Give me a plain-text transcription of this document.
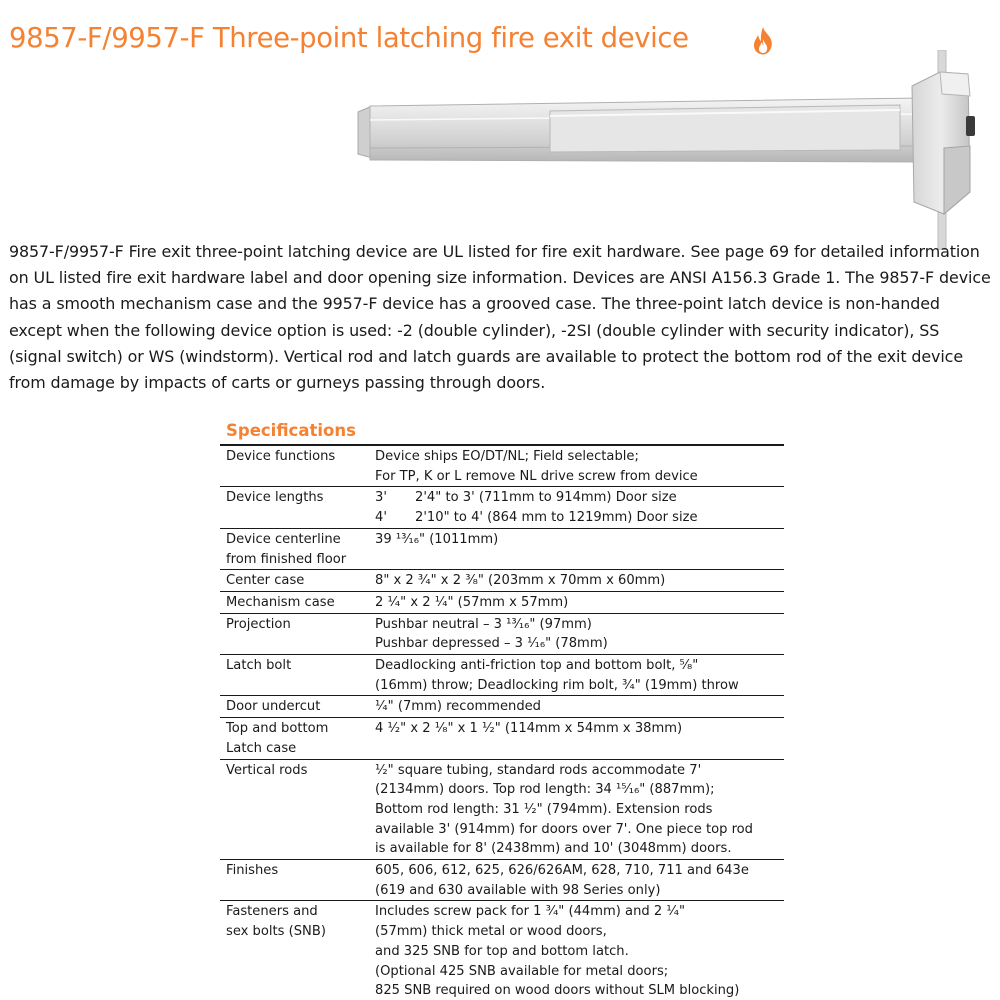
9857-F/9957-F Three-point latching fire exit device

9857-F/9957-F Fire exit three-point latching device are UL listed for fire exit hardware. See page 69 for detailed information on UL listed fire exit hardware label and door opening size information. Devices are ANSI A156.3 Grade 1. The 9857-F device has a smooth mechanism case and the 9957-F device has a grooved case. The three-point latch device is non-handed except when the following device option is used: -2 (double cylinder), -2SI (double cylinder with security indicator), SS (signal switch) or WS (windstorm). Vertical rod and latch guards are available to protect the bottom rod of the exit device from damage by impacts of carts or gurneys passing through doors.

Specifications
Device functions	Device ships EO/DT/NL; Field selectable;
For TP, K or L remove NL drive screw from device

Device lengths	3' 2'4" to 3' (711mm to 914mm) Door size
4' 2'10" to 4' (864 mm to 1219mm) Door size

Device centerline
from finished floor	39 ¹³⁄₁₆" (1011mm)

Center case	8" x 2 ³⁄₄" x 2 ³⁄₈" (203mm x 70mm x 60mm)

Mechanism case	2 ¹⁄₄" x 2 ¹⁄₄" (57mm x 57mm)

Projection	Pushbar neutral – 3 ¹³⁄₁₆" (97mm)
Pushbar depressed – 3 ¹⁄₁₆" (78mm)

Latch bolt	Deadlocking anti-friction top and bottom bolt, ⁵⁄₈"
(16mm) throw; Deadlocking rim bolt, ³⁄₄" (19mm) throw

Door undercut	¹⁄₄" (7mm) recommended

Top and bottom
Latch case	4 ¹⁄₂" x 2 ¹⁄₈" x 1 ¹⁄₂" (114mm x 54mm x 38mm)

Vertical rods	¹⁄₂" square tubing, standard rods accommodate 7'
(2134mm) doors. Top rod length: 34 ¹⁵⁄₁₆" (887mm);
Bottom rod length: 31 ¹⁄₂" (794mm). Extension rods
available 3' (914mm) for doors over 7'. One piece top rod
is available for 8' (2438mm) and 10' (3048mm) doors.

Finishes	605, 606, 612, 625, 626/626AM, 628, 710, 711 and 643e
(619 and 630 available with 98 Series only)

Fasteners and
sex bolts (SNB)	Includes screw pack for 1 ³⁄₄" (44mm) and 2 ¹⁄₄"
(57mm) thick metal or wood doors,
and 325 SNB for top and bottom latch.
(Optional 425 SNB available for metal doors;
825 SNB required on wood doors without SLM blocking)
